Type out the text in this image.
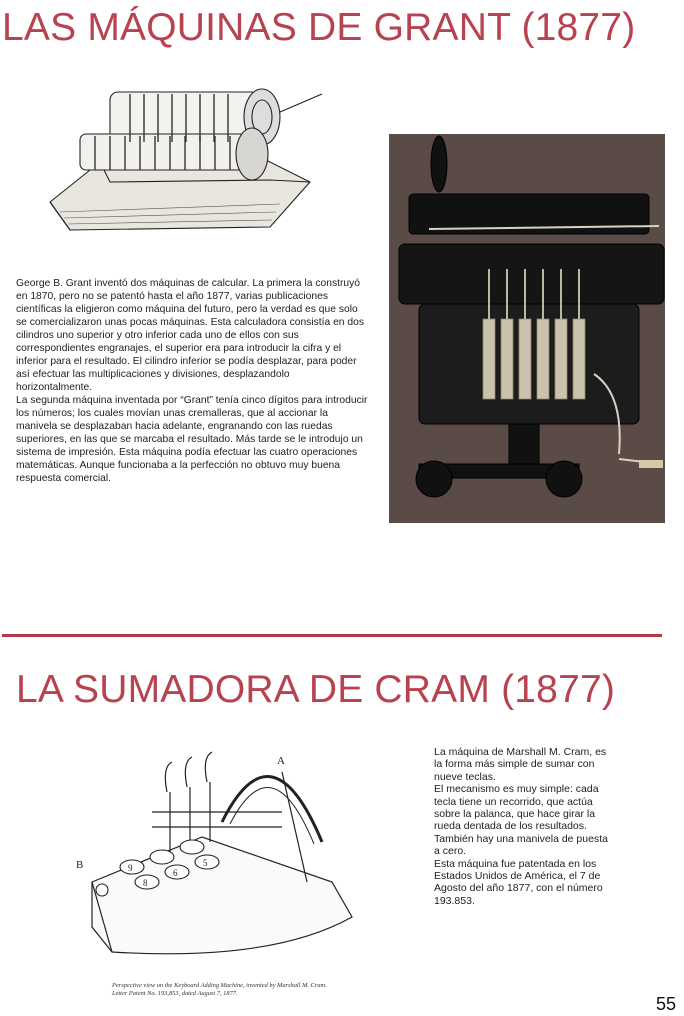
LAS MÁQUINAS DE GRANT (1877)

George B. Grant inventó dos máquinas de calcular. La primera la construyó en 1870, pero no se patentó hasta el año 1877, varias publicaciones científicas la eligieron como máquina del futuro, pero la verdad es que solo se comercializaron unas pocas máquinas. Esta calculadora consistía en dos cilindros uno superior y otro inferior cada uno de ellos con sus correspondientes engranajes, el superior era para introducir la cifra y el inferior para el resultado. El cilindro inferior se podía desplazar, para poder así efectuar las multiplicaciones y divisiones, desplazandolo horizontalmente.

La segunda máquina inventada por “Grant” tenía cinco dígitos para introducir los números; los cuales movían unas cremalleras, que al accionar la manivela se desplazaban hacia adelante, engranando con las ruedas superiores, en las que se marcaba el resultado. Más tarde se le introdujo un sistema de impresión. Esta máquina podía efectuar las cuatro operaciones matemáticas. Aunque funcionaba a la perfección no obtuvo muy buena respuesta comercial.

LA SUMADORA DE CRAM (1877)
A
B	5
6
9
8
Perspective view on the Keyboard Adding Machine, invented by Marshall M. Cram. Letter Patent No. 193,853, dated August 7, 1877.

La máquina de Marshall M. Cram, es la forma más simple de sumar con nueve teclas.

El mecanismo es muy simple: cada tecla tiene un recorrido, que actúa sobre la palanca, que hace girar la rueda dentada de los resultados.

También hay una manivela de puesta a cero.

Esta máquina fue patentada en los Estados Unidos de América, el 7 de Agosto del año 1877, con el número 193.853.

55
